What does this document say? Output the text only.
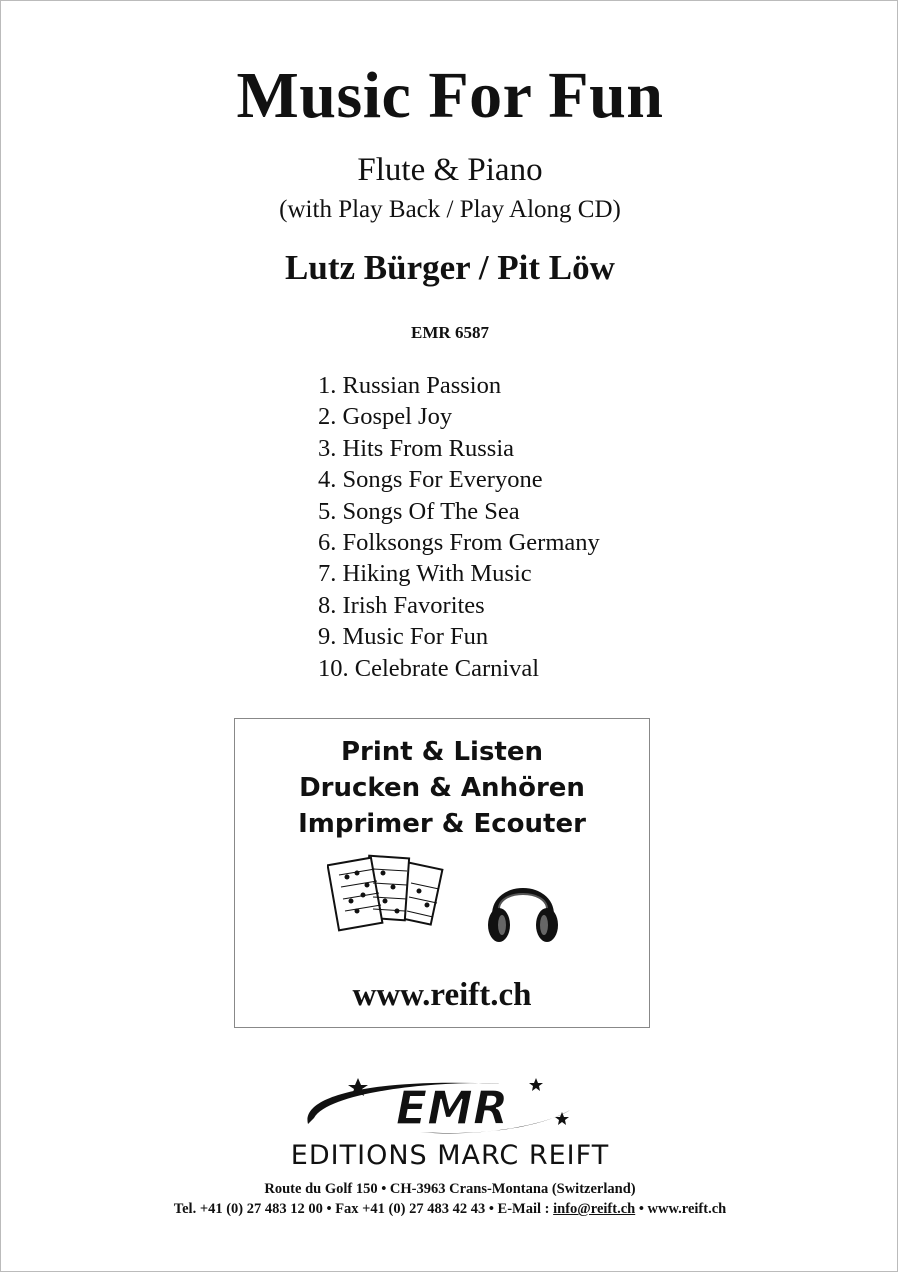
Music For Fun
Flute & Piano
(with Play Back / Play Along CD)
Lutz Bürger / Pit Löw
EMR 6587
1. Russian Passion
2. Gospel Joy
3. Hits From Russia
4. Songs For Everyone
5. Songs Of The Sea
6. Folksongs From Germany
7. Hiking With Music
8. Irish Favorites
9. Music For Fun
10. Celebrate Carnival
Print & Listen
Drucken & Anhören
Imprimer & Ecouter
www.reift.ch
EMR
EDITIONS MARC REIFT
Route du Golf 150 • CH-3963 Crans-Montana (Switzerland)
Tel. +41 (0) 27 483 12 00 • Fax +41 (0) 27 483 42 43 • E-Mail : info@reift.ch • www.reift.ch
